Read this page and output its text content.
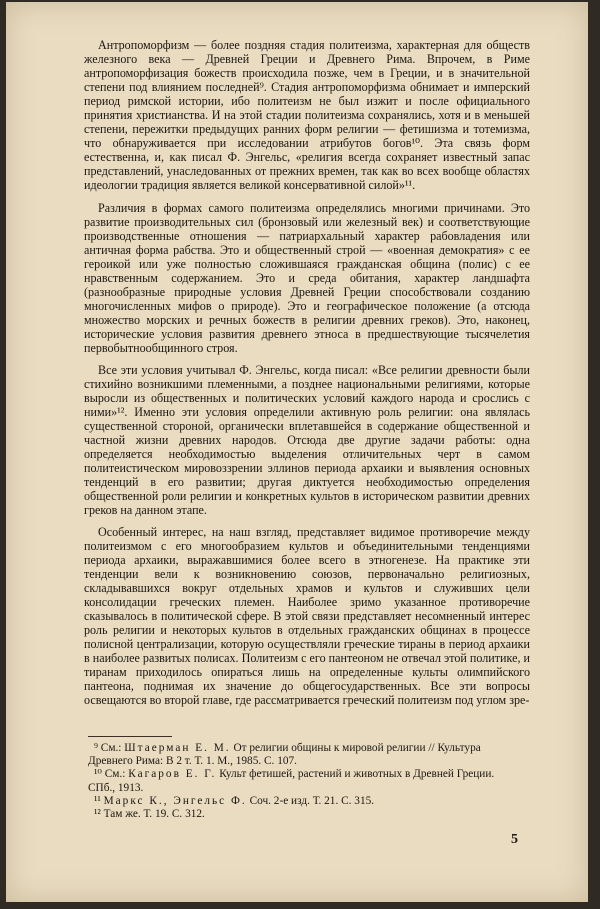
Антропоморфизм — более поздняя стадия политеизма, характерная для обществ железного века — Древней Греции и Древнего Рима. Впрочем, в Риме антропоморфизация божеств происходила позже, чем в Греции, и в значительной степени под влиянием последней⁹. Стадия антропоморфизма обнимает и имперский период римской истории, ибо политеизм не был изжит и после официального принятия христианства. И на этой стадии политеизма сохранялись, хотя и в меньшей степени, пережитки предыдущих ранних форм религии — фетишизма и тотемизма, что обнаруживается при исследовании атрибутов богов¹⁰. Эта связь форм естественна, и, как писал Ф. Энгельс, «религия всегда сохраняет известный запас представлений, унаследованных от прежних времен, так как во всех вообще областях идеологии традиция является великой консервативной силой»¹¹.

Различия в формах самого политеизма определялись многими причинами. Это развитие производительных сил (бронзовый или железный век) и соответствующие производственные отношения — патриархальный характер рабовладения или античная форма рабства. Это и общественный строй — «военная демократия» с ее героикой или уже полностью сложившаяся гражданская община (полис) с ее нравственным содержанием. Это и среда обитания, характер ландшафта (разнообразные природные условия Древней Греции способствовали созданию многочисленных мифов о природе). Это и географическое положение (а отсюда множество морских и речных божеств в религии древних греков). Это, наконец, исторические условия развития древнего этноса в предшествующие тысячелетия первобытнообщинного строя.

Все эти условия учитывал Ф. Энгельс, когда писал: «Все религии древности были стихийно возникшими племенными, а позднее национальными религиями, которые выросли из общественных и политических условий каждого народа и срослись с ними»¹². Именно эти условия определили активную роль религии: она являлась существенной стороной, органически вплетавшейся в содержание общественной и частной жизни древних народов. Отсюда две другие задачи работы: одна определяется необходимостью выделения отличительных черт в самом политеистическом мировоззрении эллинов периода архаики и выявления основных тенденций в его развитии; другая диктуется необходимостью определения общественной роли религии и конкретных культов в историческом развитии древних греков на данном этапе.

Особенный интерес, на наш взгляд, представляет видимое противоречие между политеизмом с его многообразием культов и объединительными тенденциями периода архаики, выражавшимися более всего в этногенезе. На практике эти тенденции вели к возникновению союзов, первоначально религиозных, складывавшихся вокруг отдельных храмов и культов и служивших цели консолидации греческих племен. Наиболее зримо указанное противоречие сказывалось в политической сфере. В этой связи представляет несомненный интерес роль религии и некоторых культов в отдельных гражданских общинах в процессе полисной централизации, которую осуществляли греческие тираны в период архаики в наиболее развитых полисах. Политеизм с его пантеоном не отвечал этой политике, и тиранам приходилось опираться лишь на определенные культы олимпийского пантеона, поднимая их значение до общегосударственных. Все эти вопросы освещаются во второй главе, где рассматривается греческий политеизм под углом зре-

⁹ См.: Штаерман Е. М. От религии общины к мировой религии // Культура Древнего Рима: В 2 т. Т. 1. М., 1985. С. 107.

¹⁰ См.: Кагаров Е. Г. Культ фетишей, растений и животных в Древней Греции. СПб., 1913.

¹¹ Маркс К., Энгельс Ф. Соч. 2-е изд. Т. 21. С. 315.

¹² Там же. Т. 19. С. 312.

5
